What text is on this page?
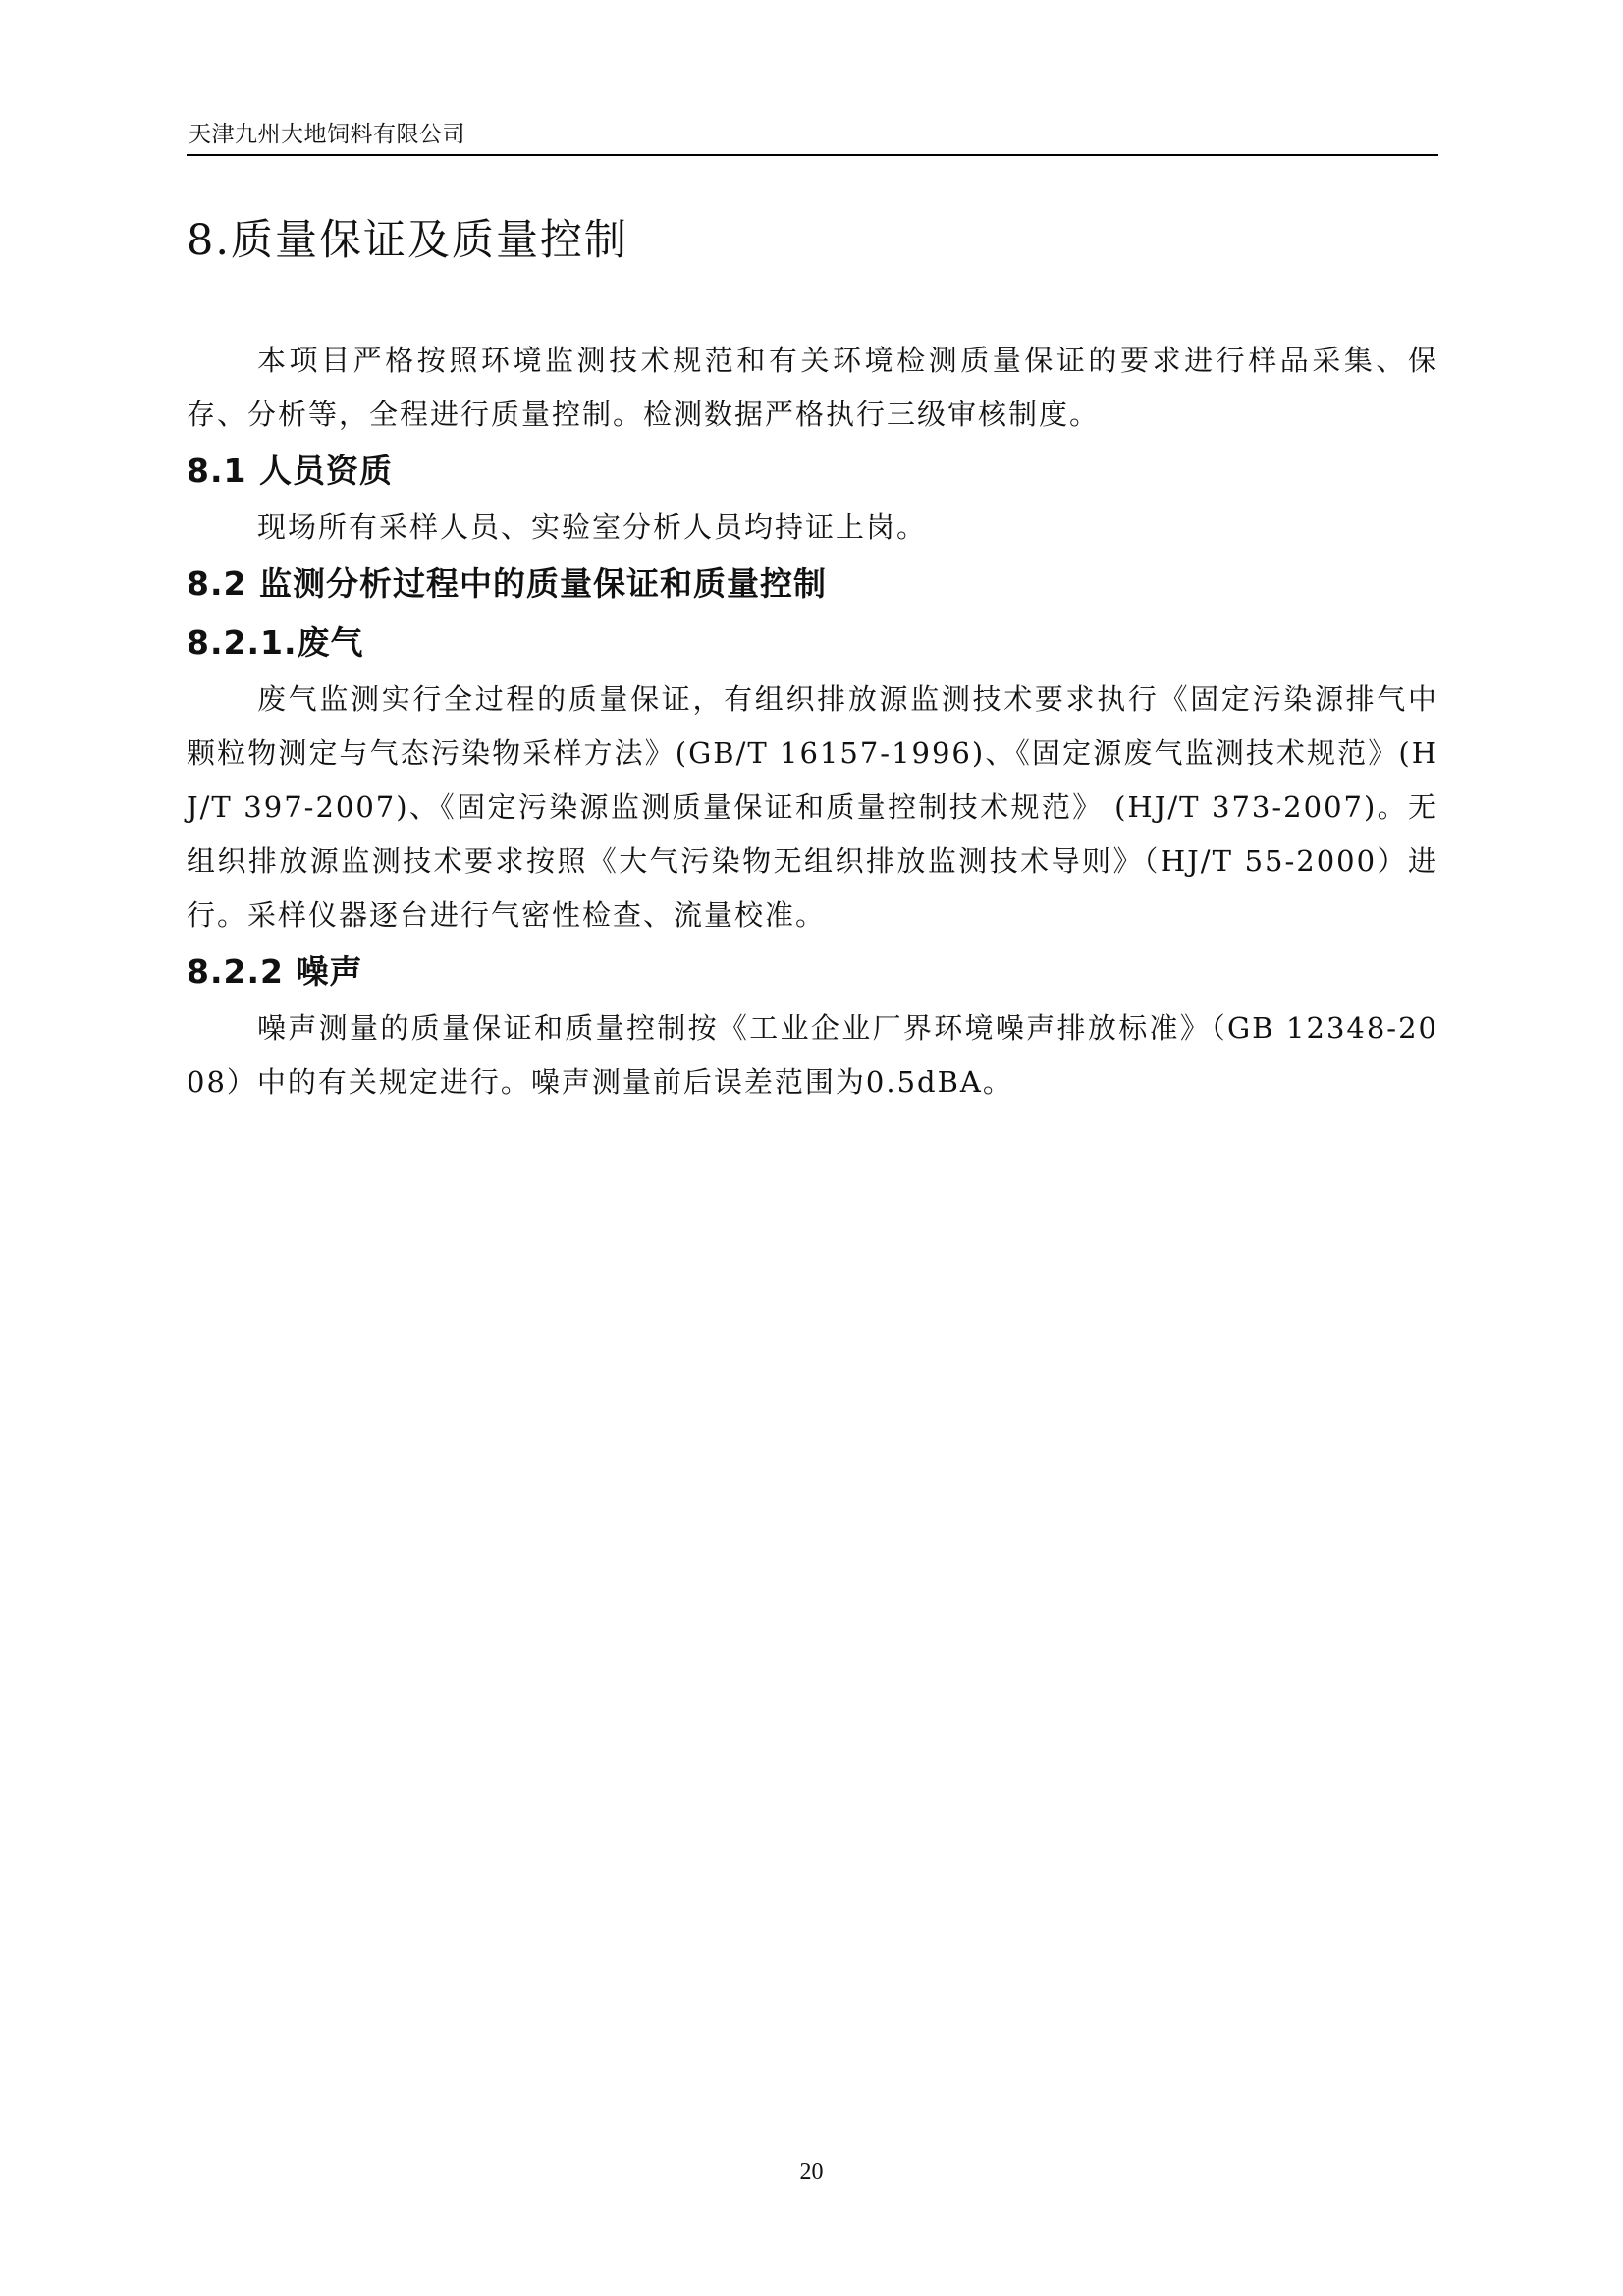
天津九州大地饲料有限公司
8.质量保证及质量控制

本项目严格按照环境监测技术规范和有关环境检测质量保证的要求进行样品采集、保存、分析等，全程进行质量控制。检测数据严格执行三级审核制度。

8.1 人员资质

现场所有采样人员、实验室分析人员均持证上岗。

8.2 监测分析过程中的质量保证和质量控制
8.2.1.废气

废气监测实行全过程的质量保证，有组织排放源监测技术要求执行《固定污染源排气中颗粒物测定与气态污染物采样方法》(GB/T 16157-1996)、《固定源废气监测技术规范》(HJ/T 397-2007)、《固定污染源监测质量保证和质量控制技术规范》 (HJ/T 373-2007)。无组织排放源监测技术要求按照《大气污染物无组织排放监测技术导则》（HJ/T 55-2000）进行。采样仪器逐台进行气密性检查、流量校准。

8.2.2 噪声

噪声测量的质量保证和质量控制按《工业企业厂界环境噪声排放标准》（GB 12348-2008）中的有关规定进行。噪声测量前后误差范围为0.5dBA。

20
